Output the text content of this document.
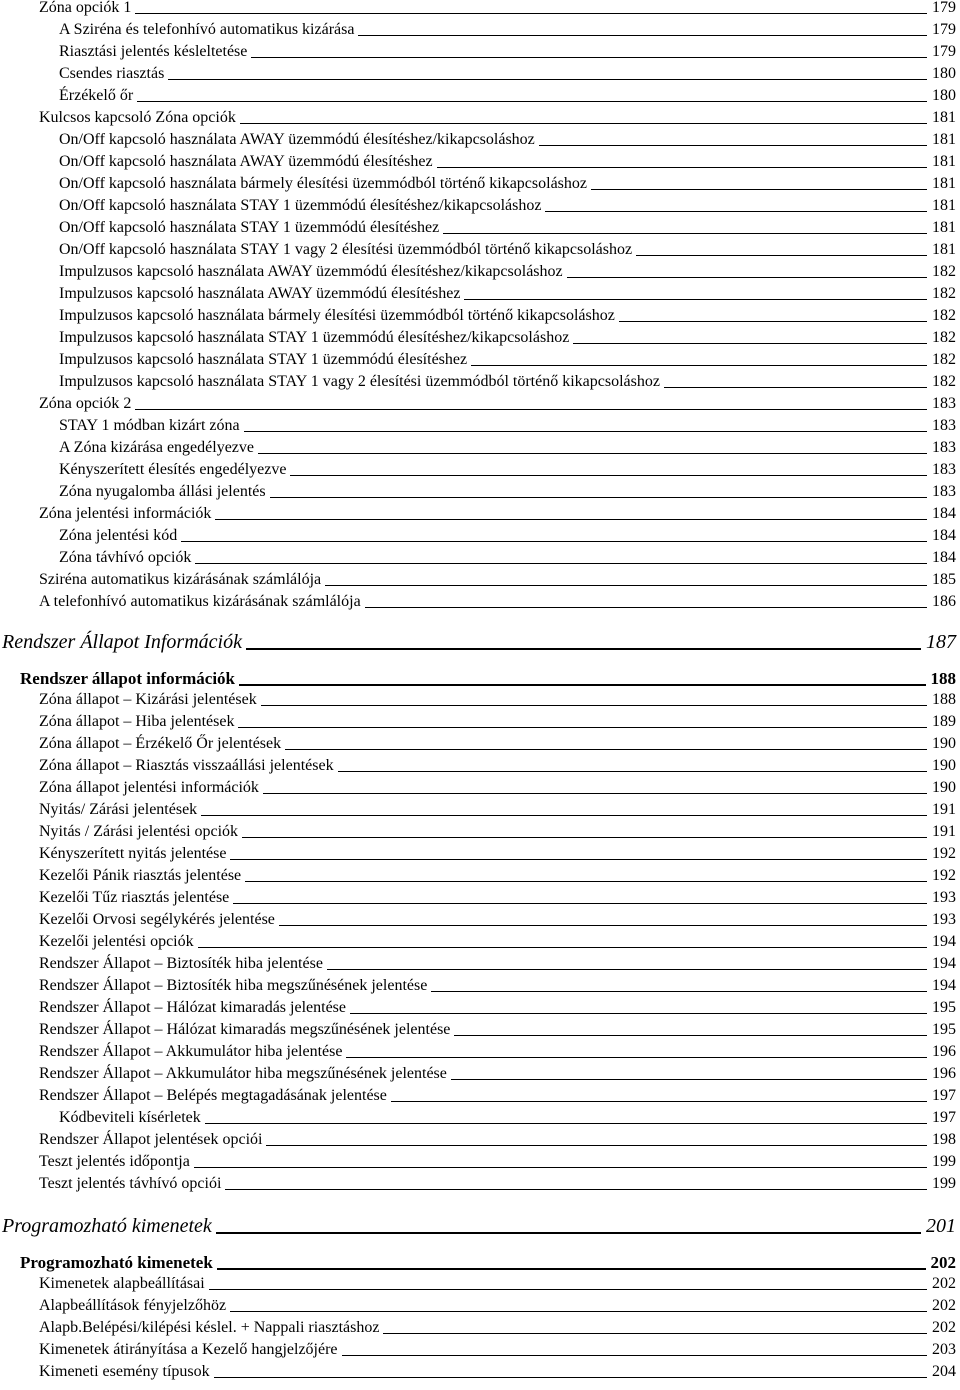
Zóna opciók 1	179
A Sziréna és telefonhívó automatikus kizárása	179
Riasztási jelentés késleltetése	179
Csendes riasztás	180
Érzékelő őr	180
Kulcsos kapcsoló Zóna opciók	181
On/Off kapcsoló használata AWAY üzemmódú élesítéshez/kikapcsoláshoz	181
On/Off kapcsoló használata AWAY üzemmódú élesítéshez	181
On/Off kapcsoló használata bármely élesítési üzemmódból történő kikapcsoláshoz	181
On/Off kapcsoló használata STAY 1 üzemmódú élesítéshez/kikapcsoláshoz	181
On/Off kapcsoló használata STAY 1 üzemmódú élesítéshez	181
On/Off kapcsoló használata STAY 1 vagy 2 élesítési üzemmódból történő kikapcsoláshoz	181
Impulzusos kapcsoló használata AWAY üzemmódú élesítéshez/kikapcsoláshoz	182
Impulzusos kapcsoló használata AWAY üzemmódú élesítéshez	182
Impulzusos kapcsoló használata bármely élesítési üzemmódból történő kikapcsoláshoz	182
Impulzusos kapcsoló használata STAY 1 üzemmódú élesítéshez/kikapcsoláshoz	182
Impulzusos kapcsoló használata STAY 1 üzemmódú élesítéshez	182
Impulzusos kapcsoló használata STAY 1 vagy 2 élesítési üzemmódból történő kikapcsoláshoz	182
Zóna opciók 2	183
STAY 1 módban kizárt zóna	183
A Zóna kizárása engedélyezve	183
Kényszerített élesítés engedélyezve	183
Zóna nyugalomba állási jelentés	183
Zóna jelentési információk	184
Zóna jelentési kód	184
Zóna távhívó opciók	184
Sziréna automatikus kizárásának számlálója	185
A telefonhívó automatikus kizárásának számlálója	186
Rendszer Állapot Információk	187
Rendszer állapot információk	188
Zóna állapot – Kizárási jelentések	188
Zóna állapot – Hiba jelentések	189
Zóna állapot – Érzékelő Őr jelentések	190
Zóna állapot – Riasztás visszaállási jelentések	190
Zóna állapot jelentési információk	190
Nyitás/ Zárási jelentések	191
Nyitás / Zárási jelentési opciók	191
Kényszerített nyitás jelentése	192
Kezelői Pánik riasztás jelentése	192
Kezelői Tűz riasztás jelentése	193
Kezelői Orvosi segélykérés jelentése	193
Kezelői jelentési opciók	194
Rendszer Állapot – Biztosíték hiba jelentése	194
Rendszer Állapot – Biztosíték hiba megszűnésének jelentése	194
Rendszer Állapot – Hálózat kimaradás jelentése	195
Rendszer Állapot – Hálózat kimaradás megszűnésének jelentése	195
Rendszer Állapot – Akkumulátor hiba jelentése	196
Rendszer Állapot – Akkumulátor hiba megszűnésének jelentése	196
Rendszer Állapot – Belépés megtagadásának jelentése	197
Kódbeviteli kísérletek	197
Rendszer Állapot jelentések opciói	198
Teszt jelentés időpontja	199
Teszt jelentés távhívó opciói	199
Programozható kimenetek	201
Programozható kimenetek	202
Kimenetek alapbeállításai	202
Alapbeállítások fényjelzőhöz	202
Alapb.Belépési/kilépési késlel. + Nappali riasztáshoz	202
Kimenetek átirányítása a Kezelő hangjelzőjére	203
Kimeneti esemény típusok	204
